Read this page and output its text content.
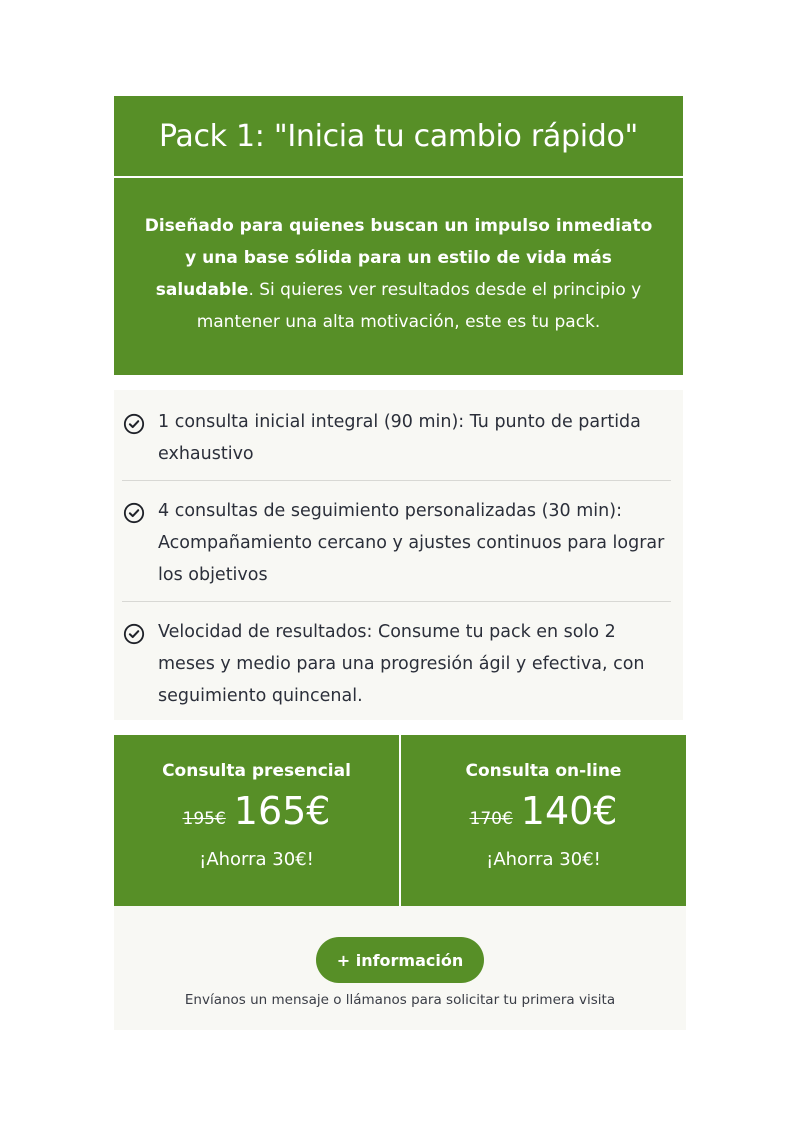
Pack 1: "Inicia tu cambio rápido"

Diseñado para quienes buscan un impulso inmediato y una base sólida para un estilo de vida más saludable. Si quieres ver resultados desde el principio y mantener una alta motivación, este es tu pack.

1 consulta inicial integral (90 min): Tu punto de partida exhaustivo
4 consultas de seguimiento personalizadas (30 min): Acompañamiento cercano y ajustes continuos para lograr los objetivos
Velocidad de resultados: Consume tu pack en solo 2 meses y medio para una progresión ágil y efectiva, con seguimiento quincenal.
Consulta presencial
195€ 165€
¡Ahorra 30€!
Consulta on-line
170€ 140€
¡Ahorra 30€!
+ información
Envíanos un mensaje o llámanos para solicitar tu primera visita
